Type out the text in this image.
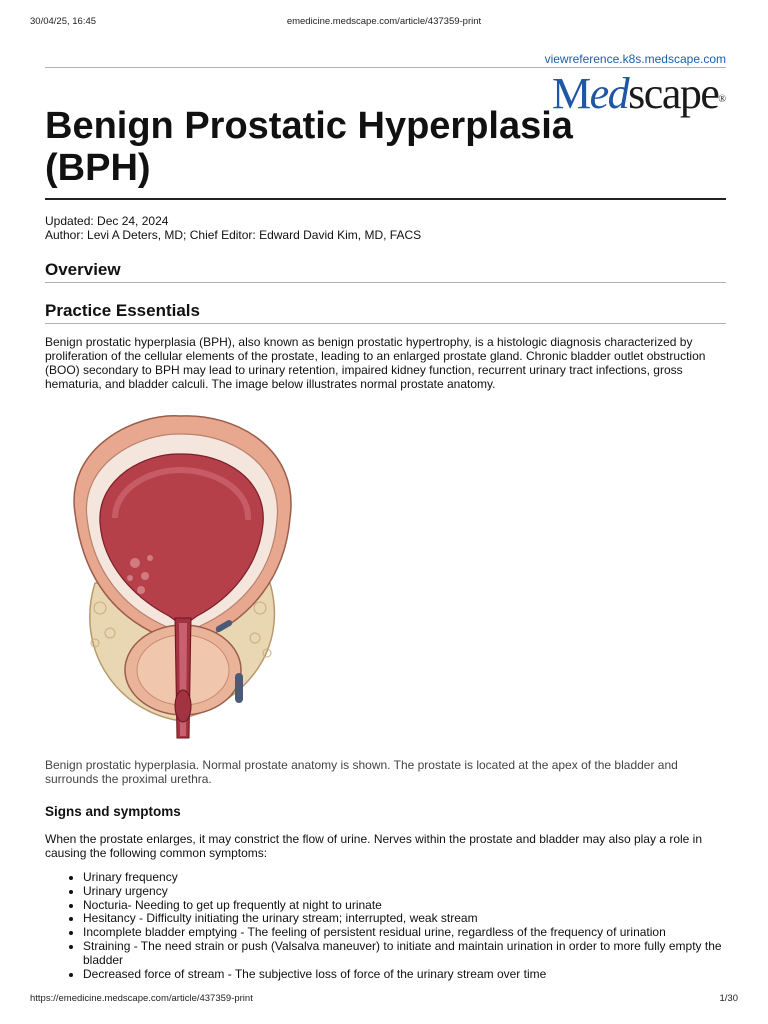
30/04/25, 16:45	emedicine.medscape.com/article/437359-print
viewreference.k8s.medscape.com
Medscape®
Benign Prostatic Hyperplasia (BPH)
Updated: Dec 24, 2024
Author: Levi A Deters, MD; Chief Editor: Edward David Kim, MD, FACS
Overview
Practice Essentials

Benign prostatic hyperplasia (BPH), also known as benign prostatic hypertrophy, is a histologic diagnosis characterized by proliferation of the cellular elements of the prostate, leading to an enlarged prostate gland. Chronic bladder outlet obstruction (BOO) secondary to BPH may lead to urinary retention, impaired kidney function, recurrent urinary tract infections, gross hematuria, and bladder calculi. The image below illustrates normal prostate anatomy.

Benign prostatic hyperplasia. Normal prostate anatomy is shown. The prostate is located at the apex of the bladder and surrounds the proximal urethra.

Signs and symptoms

When the prostate enlarges, it may constrict the flow of urine. Nerves within the prostate and bladder may also play a role in causing the following common symptoms:

• Urinary frequency
• Urinary urgency
• Nocturia- Needing to get up frequently at night to urinate
• Hesitancy - Difficulty initiating the urinary stream; interrupted, weak stream
• Incomplete bladder emptying - The feeling of persistent residual urine, regardless of the frequency of urination
• Straining - The need strain or push (Valsalva maneuver) to initiate and maintain urination in order to more fully empty the bladder
• Decreased force of stream - The subjective loss of force of the urinary stream over time
https://emedicine.medscape.com/article/437359-print	1/30
